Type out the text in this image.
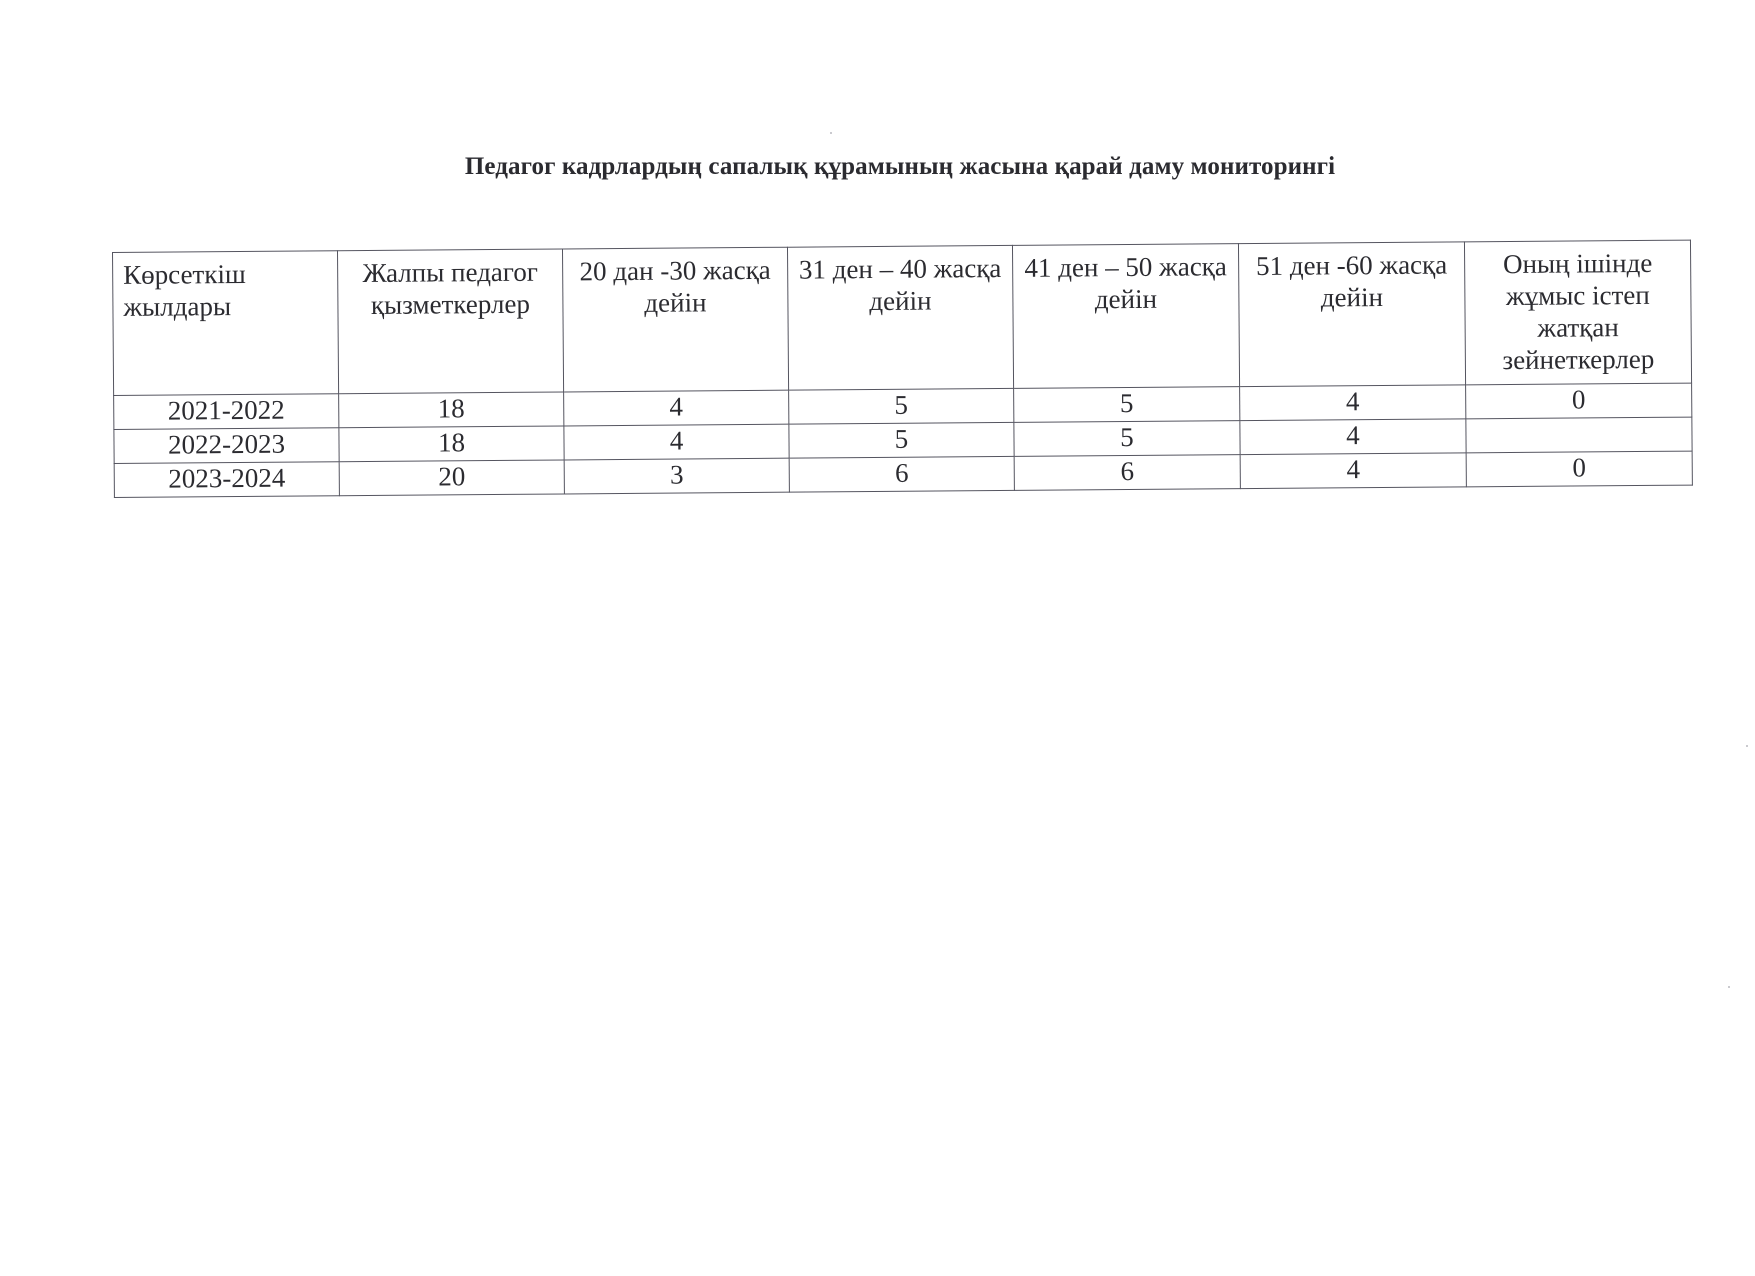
Педагог кадрлардың сапалық құрамының жасына қарай даму мониторингі
Көрсеткіш жылдары	Жалпы педагог қызметкерлер	20 дан -30 жасқа дейін	31 ден – 40 жасқа дейін	41 ден – 50 жасқа дейін	51 ден -60 жасқа дейін	Оның ішінде жұмыс істеп жатқан зейнеткерлер
2021-2022	18	4	5	5	4	0
2022-2023	18	4	5	5	4	
2023-2024	20	3	6	6	4	0
